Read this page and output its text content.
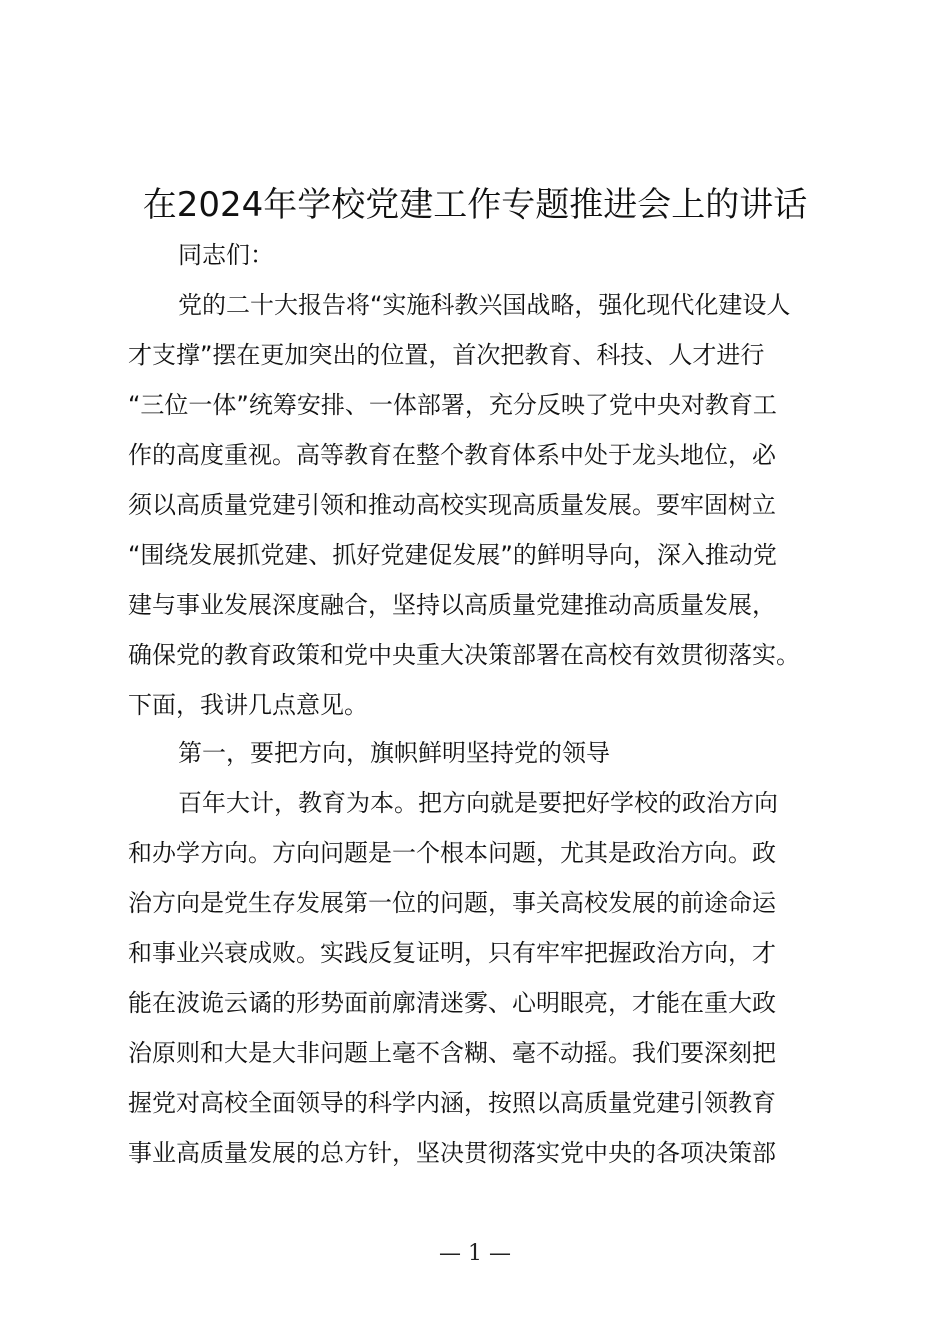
在2024年学校党建工作专题推进会上的讲话
同志们：
党的二十大报告将“实施科教兴国战略，强化现代化建设人
才支撑”摆在更加突出的位置，首次把教育、科技、人才进行
“三位一体”统筹安排、一体部署，充分反映了党中央对教育工
作的高度重视。高等教育在整个教育体系中处于龙头地位，必
须以高质量党建引领和推动高校实现高质量发展。要牢固树立
“围绕发展抓党建、抓好党建促发展”的鲜明导向，深入推动党
建与事业发展深度融合，坚持以高质量党建推动高质量发展，
确保党的教育政策和党中央重大决策部署在高校有效贯彻落实。
下面，我讲几点意见。
第一，要把方向，旗帜鲜明坚持党的领导
百年大计，教育为本。把方向就是要把好学校的政治方向
和办学方向。方向问题是一个根本问题，尤其是政治方向。政
治方向是党生存发展第一位的问题，事关高校发展的前途命运
和事业兴衰成败。实践反复证明，只有牢牢把握政治方向，才
能在波诡云谲的形势面前廓清迷雾、心明眼亮，才能在重大政
治原则和大是大非问题上毫不含糊、毫不动摇。我们要深刻把
握党对高校全面领导的科学内涵，按照以高质量党建引领教育
事业高质量发展的总方针，坚决贯彻落实党中央的各项决策部
— 1 —
